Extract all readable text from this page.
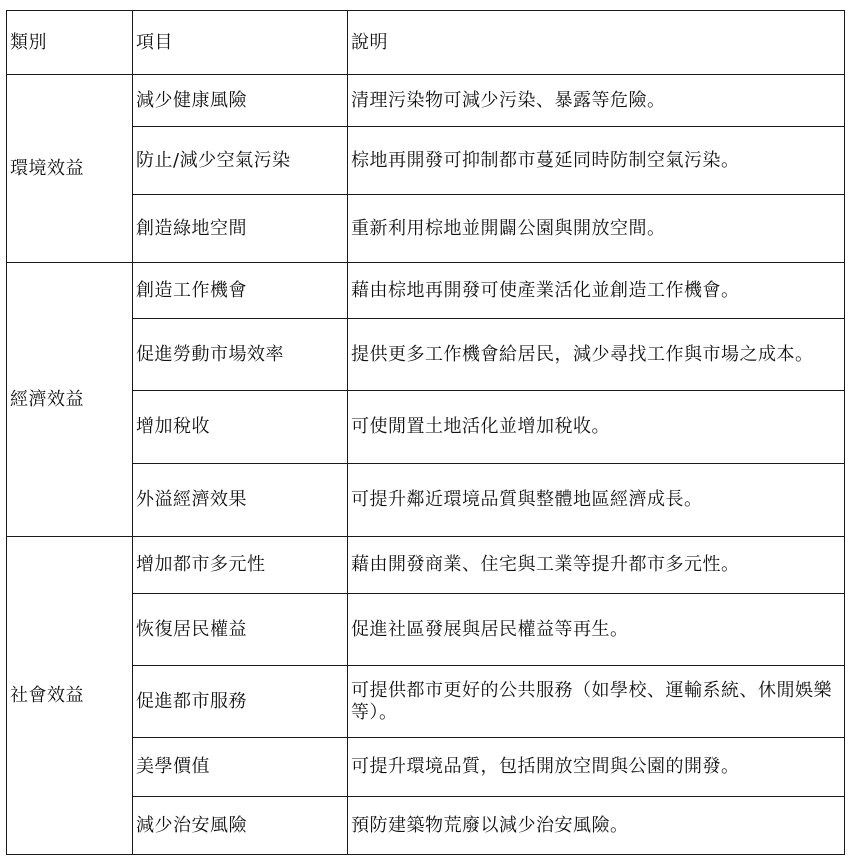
類別	項目	說明
環境效益	減少健康風險	清理污染物可減少污染、暴露等危險。
	防止/減少空氣污染	棕地再開發可抑制都市蔓延同時防制空氣污染。
	創造綠地空間	重新利用棕地並開闢公園與開放空間。
經濟效益	創造工作機會	藉由棕地再開發可使產業活化並創造工作機會。
	促進勞動市場效率	提供更多工作機會給居民，減少尋找工作與市場之成本。
	增加稅收	可使閒置土地活化並增加稅收。
	外溢經濟效果	可提升鄰近環境品質與整體地區經濟成長。
社會效益	增加都市多元性	藉由開發商業、住宅與工業等提升都市多元性。
	恢復居民權益	促進社區發展與居民權益等再生。
	促進都市服務	可提供都市更好的公共服務（如學校、運輸系統、休閒娛樂等）。
	美學價值	可提升環境品質，包括開放空間與公園的開發。
	減少治安風險	預防建築物荒廢以減少治安風險。
